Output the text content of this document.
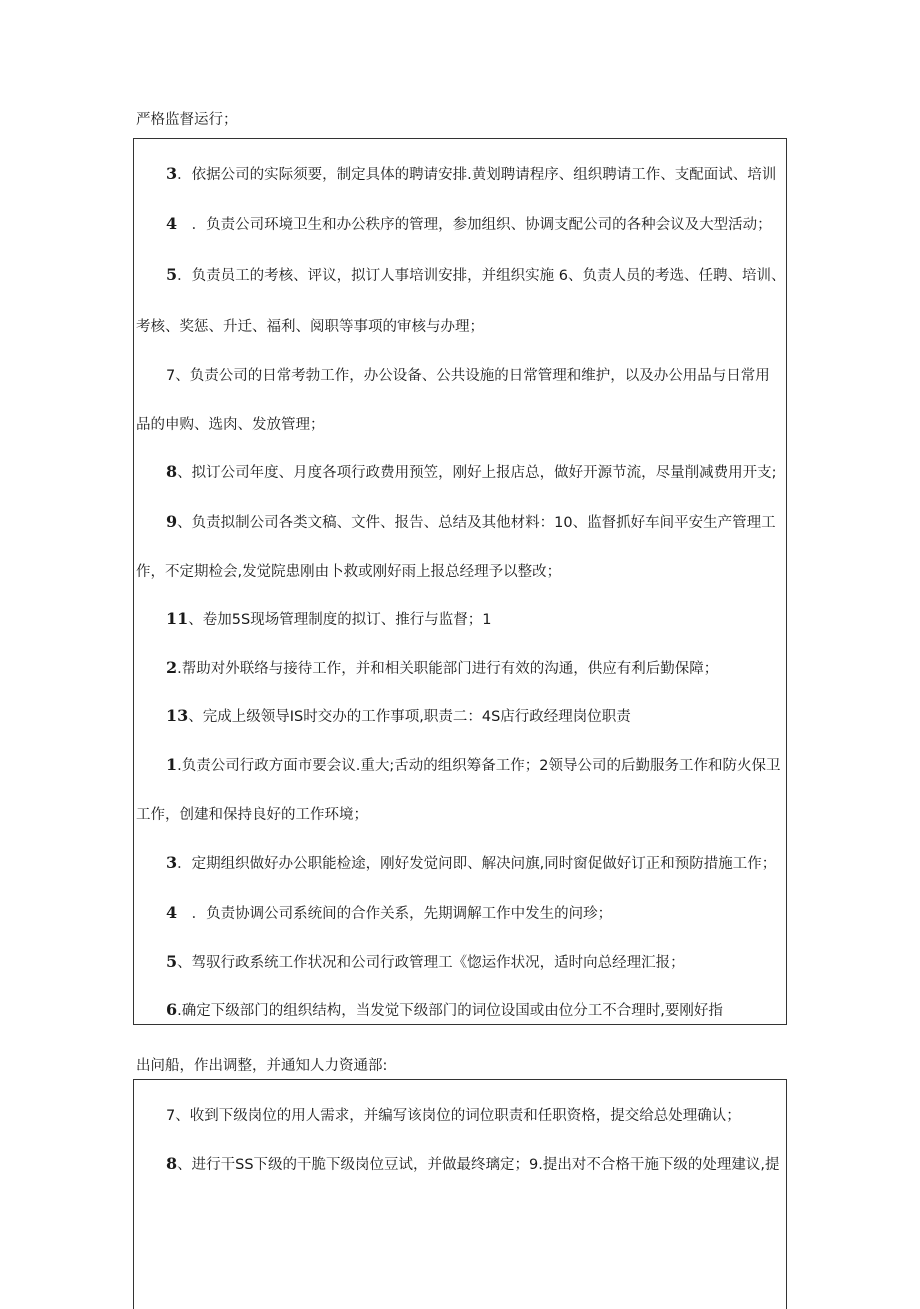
严格监督运行；
3．依据公司的实际须要，制定具体的聘请安排.黄划聘请程序、组织聘请工作、支配面试、培训
4　．负责公司环境卫生和办公秩序的管理，参加组织、协调支配公司的各种会议及大型活动；
5．负责员工的考核、评议，拟订人事培训安排，并组织实施 6、负责人员的考选、任聘、培训、
考核、奖惩、升迁、福利、阅职等事项的审核与办理；
7、负责公司的日常考勃工作，办公设备、公共设施的日常管理和维护，以及办公用品与日常用
品的申购、选肉、发放管理；
8、拟订公司年度、月度各项行政费用预笠，刚好上报店总，做好开源节流，尽量削减费用开支;
9、负责拟制公司各类文稿、文件、报告、总结及其他材料：10、监督抓好车间平安生产管理工
作，不定期检会,发觉院患刚由卜救或刚好雨上报总经理予以整改；
11、卷加5S现场管理制度的拟订、推行与监督；1
2.帮助对外联络与接待工作，并和相关职能部门进行有效的沟通，供应有利后勤保障；
13、完成上级领导IS时交办的工作事项,职责二：4S店行政经理岗位职责
1.负责公司行政方面市要会议.重大;舌动的组织筹备工作；2领导公司的后勤服务工作和防火保卫
工作，创建和保持良好的工作环境；
3．定期组织做好办公职能检途，刚好发觉问即、解决问旗,同时窗促做好订正和预防措施工作；
4　．负责协调公司系统间的合作关系，先期调解工作中发生的问珍；
5、驾驭行政系统工作状况和公司行政管理工《惚运作状况，适时向总经理汇报；
6.确定下级部门的组织结构，当发觉下级部门的词位设国或由位分工不合理时,要刚好指
出问船，作出调整，并通知人力资通部:
7、收到下级岗位的用人需求，并编写该岗位的词位职责和任职资格，提交给总处理确认；
8、进行干SS下级的干脆下级岗位豆试，并做最终璃定；9.提出对不合格干施下级的处理建议,提
